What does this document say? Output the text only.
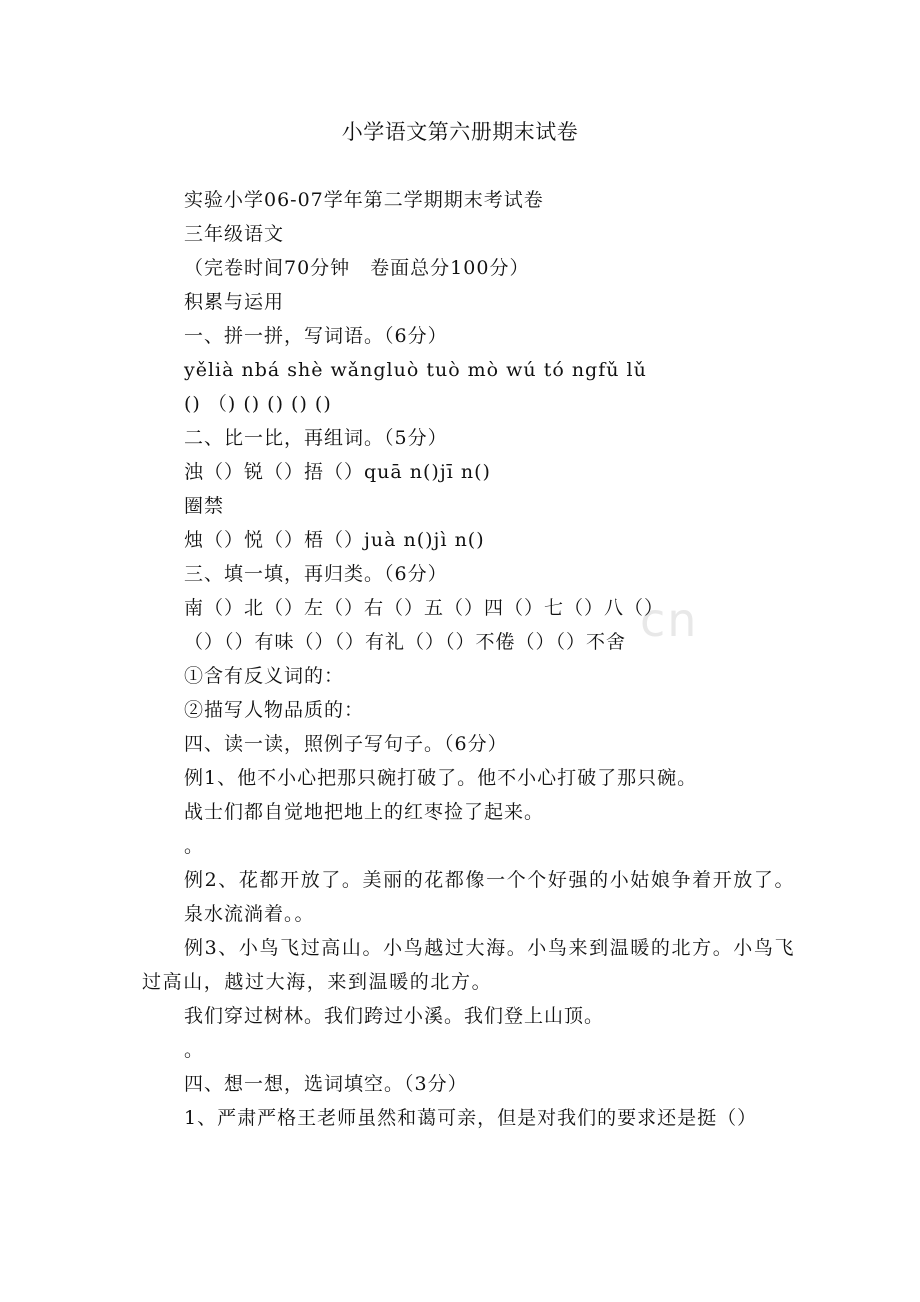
cn
小学语文第六册期末试卷

实验小学06-07学年第二学期期末考试卷

三年级语文

（完卷时间70分钟　卷面总分100分）

积累与运用

一、拼一拼，写词语。（6分）

yělià nbá shè wǎngluò tuò mò wú tó ngfǔ lǔ

() （) () () () ()

二、比一比，再组词。（5分）

浊（）锐（）捂（）quā n()jī n()

圈禁

烛（）悦（）梧（）juà n()jì n()

三、填一填，再归类。（6分）

南（）北（）左（）右（）五（）四（）七（）八（）

（）（）有味（）（）有礼（）（）不倦（）（）不舍

①含有反义词的：

②描写人物品质的：

四、读一读，照例子写句子。（6分）

例1、他不小心把那只碗打破了。他不小心打破了那只碗。

战士们都自觉地把地上的红枣捡了起来。

。

例2、花都开放了。美丽的花都像一个个好强的小姑娘争着开放了。

泉水流淌着。。

例3、小鸟飞过高山。小鸟越过大海。小鸟来到温暖的北方。小鸟飞过高山，越过大海，来到温暖的北方。

我们穿过树林。我们跨过小溪。我们登上山顶。

。

四、想一想，选词填空。（3分）

1、严肃严格王老师虽然和蔼可亲，但是对我们的要求还是挺（）
